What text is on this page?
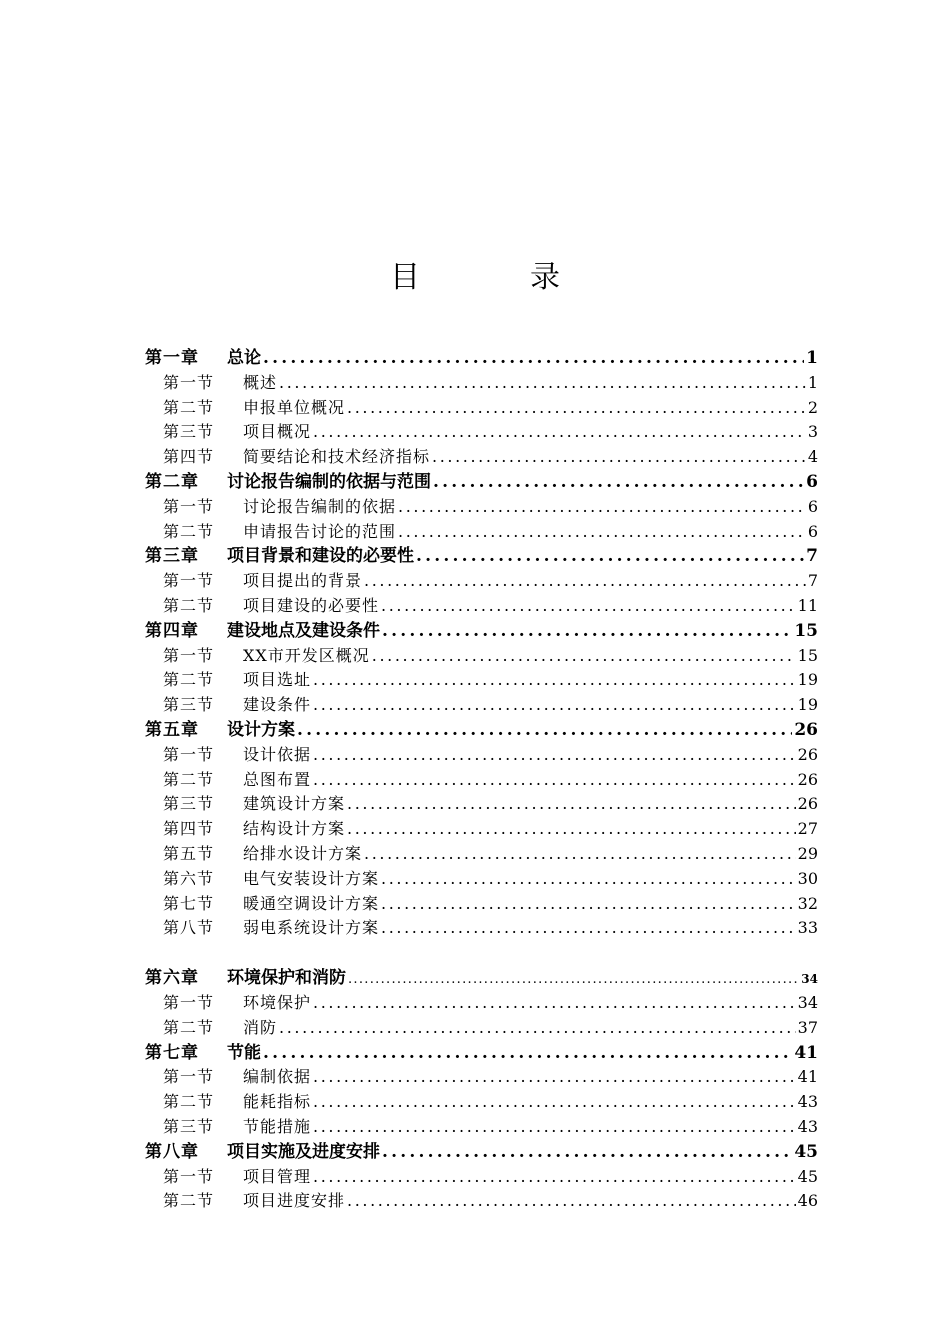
目　录
第一章	总论 .....	1
第一节	概述 .....	1
第二节	申报单位概况 .....	2
第三节	项目概况 .....	3
第四节	简要结论和技术经济指标 .....	4
第二章	讨论报告编制的依据与范围 .....	6
第一节	讨论报告编制的依据 .....	6
第二节	申请报告讨论的范围 .....	6
第三章	项目背景和建设的必要性 .....	7
第一节	项目提出的背景 .....	7
第二节	项目建设的必要性 .....	11
第四章	建设地点及建设条件 .....	15
第一节	XX市开发区概况 .....	15
第二节	项目选址 .....	19
第三节	建设条件 .....	19
第五章	设计方案 .....	26
第一节	设计依据 .....	26
第二节	总图布置 .....	26
第三节	建筑设计方案 .....	26
第四节	结构设计方案 .....	27
第五节	给排水设计方案 .....	29
第六节	电气安装设计方案 .....	30
第七节	暖通空调设计方案 .....	32
第八节	弱电系统设计方案 .....	33
第六章	环境保护和消防 .....	34
第一节	环境保护 .....	34
第二节	消防 .....	37
第七章	节能 .....	41
第一节	编制依据 .....	41
第二节	能耗指标 .....	43
第三节	节能措施 .....	43
第八章	项目实施及进度安排 .....	45
第一节	项目管理 .....	45
第二节	项目进度安排 .....	46
